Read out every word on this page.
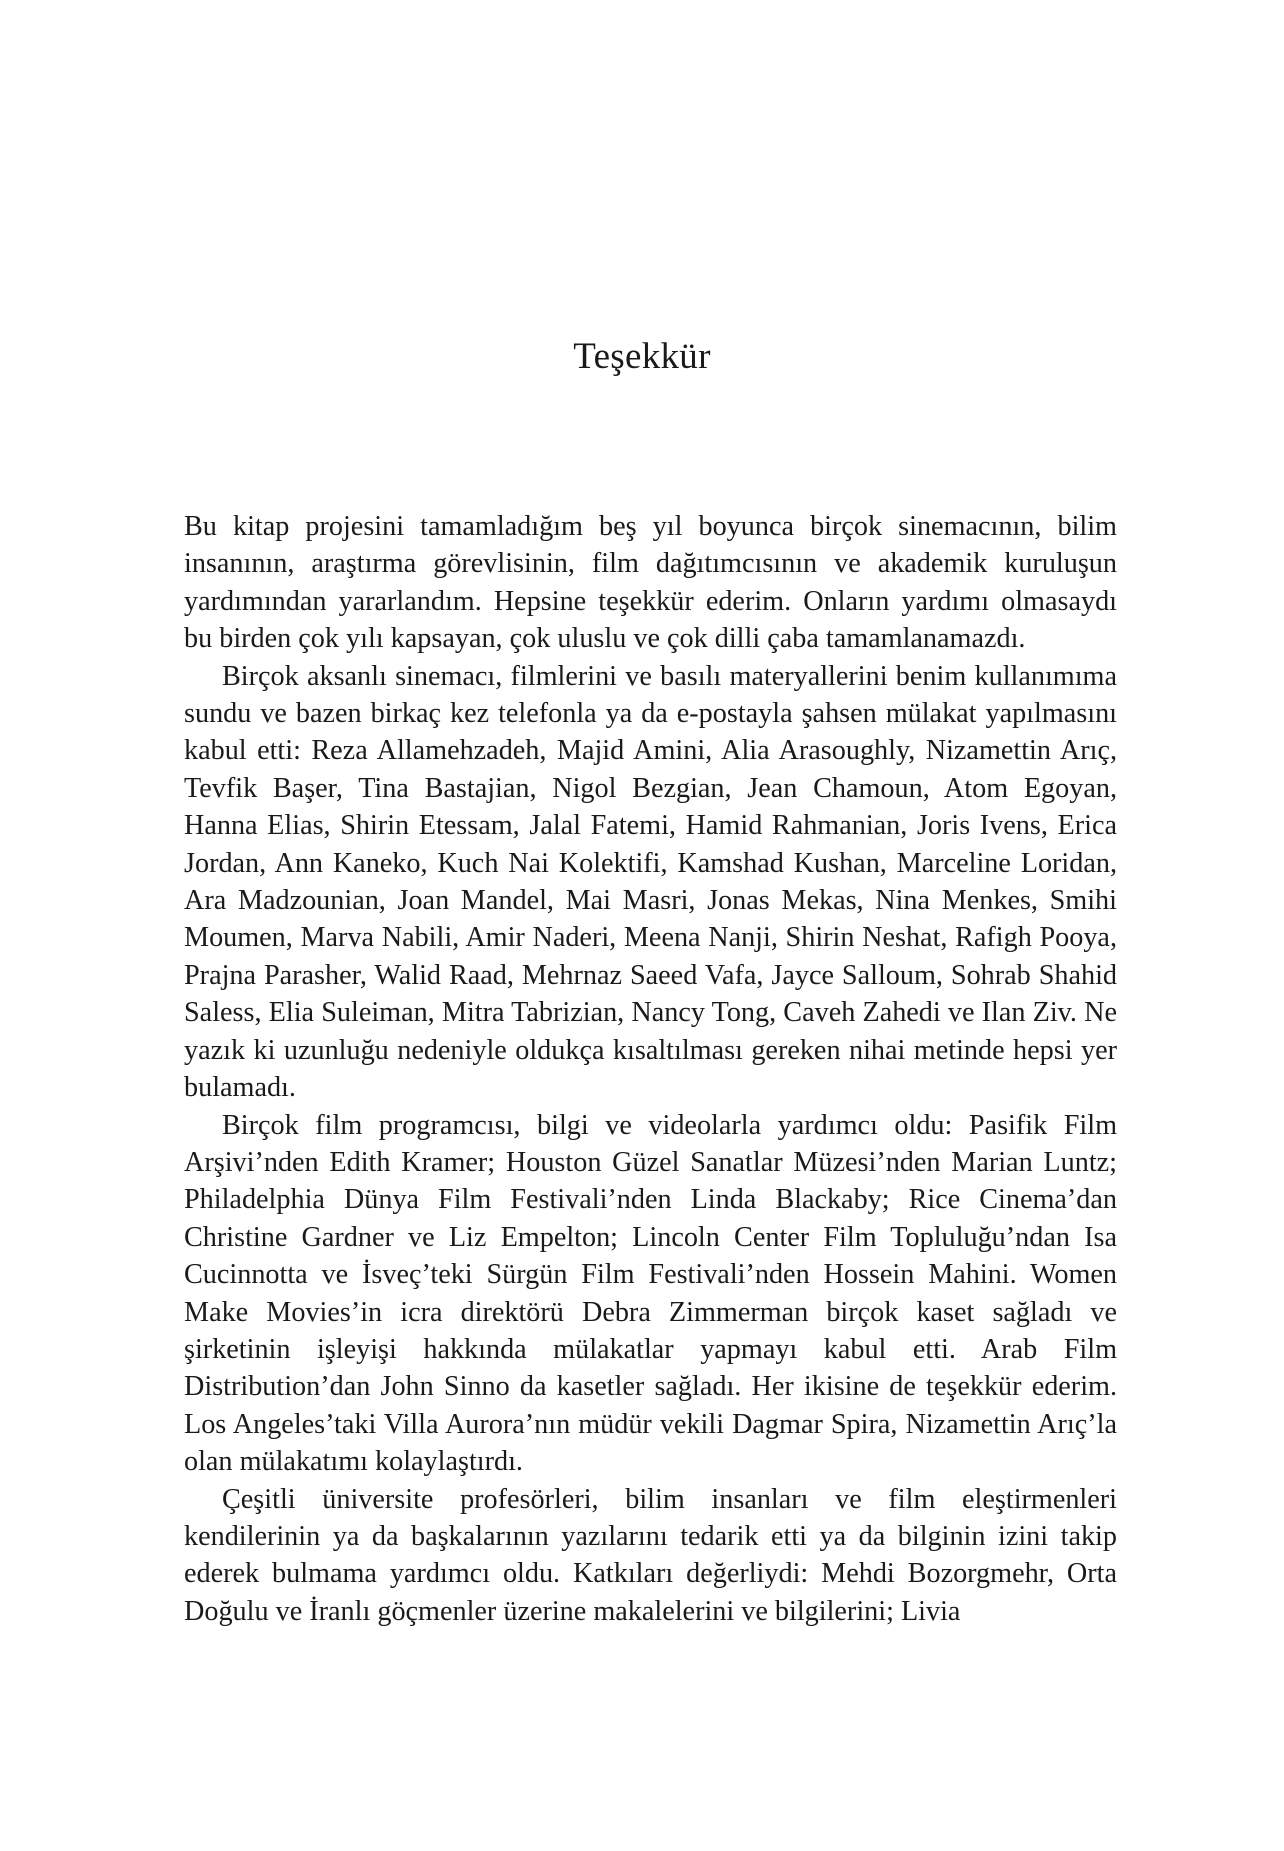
Teşekkür

Bu kitap projesini tamamladığım beş yıl boyunca birçok sinemacının, bilim insanının, araştırma görevlisinin, film dağıtımcısının ve akademik kuruluşun yardımından yararlandım. Hepsine teşekkür ederim. Onların yardımı olmasaydı bu birden çok yılı kapsayan, çok uluslu ve çok dilli çaba tamamlanamazdı.

Birçok aksanlı sinemacı, filmlerini ve basılı materyallerini benim kullanımıma sundu ve bazen birkaç kez telefonla ya da e-postayla şahsen mülakat yapılmasını kabul etti: Reza Allamehzadeh, Majid Amini, Alia Arasoughly, Nizamettin Arıç, Tevfik Başer, Tina Bastajian, Nigol Bezgian, Jean Chamoun, Atom Egoyan, Hanna Elias, Shirin Etessam, Jalal Fatemi, Hamid Rahmanian, Joris Ivens, Erica Jordan, Ann Kaneko, Kuch Nai Kolektifi, Kamshad Kushan, Marceline Loridan, Ara Madzounian, Joan Mandel, Mai Masri, Jonas Mekas, Nina Menkes, Smihi Moumen, Marva Nabili, Amir Naderi, Meena Nanji, Shirin Neshat, Rafigh Pooya, Prajna Parasher, Walid Raad, Mehrnaz Saeed Vafa, Jayce Salloum, Sohrab Shahid Saless, Elia Suleiman, Mitra Tabrizian, Nancy Tong, Caveh Zahedi ve Ilan Ziv. Ne yazık ki uzunluğu nedeniyle oldukça kısaltılması gereken nihai metinde hepsi yer bulamadı.

Birçok film programcısı, bilgi ve videolarla yardımcı oldu: Pasifik Film Arşivi’nden Edith Kramer; Houston Güzel Sanatlar Müzesi’nden Marian Luntz; Philadelphia Dünya Film Festivali’nden Linda Blackaby; Rice Cinema’dan Christine Gardner ve Liz Empelton; Lincoln Center Film Topluluğu’ndan Isa Cucinnotta ve İsveç’teki Sürgün Film Festivali’nden Hossein Mahini. Women Make Movies’in icra direktörü Debra Zimmerman birçok kaset sağladı ve şirketinin işleyişi hakkında mülakatlar yapmayı kabul etti. Arab Film Distribution’dan John Sinno da kasetler sağladı. Her ikisine de teşekkür ederim. Los Angeles’taki Villa Aurora’nın müdür vekili Dagmar Spira, Nizamettin Arıç’la olan mülakatımı kolaylaştırdı.

Çeşitli üniversite profesörleri, bilim insanları ve film eleştirmenleri kendilerinin ya da başkalarının yazılarını tedarik etti ya da bilginin izini takip ederek bulmama yardımcı oldu. Katkıları değerliydi: Mehdi Bozorgmehr, Orta Doğulu ve İranlı göçmenler üzerine makalelerini ve bilgilerini; Livia
